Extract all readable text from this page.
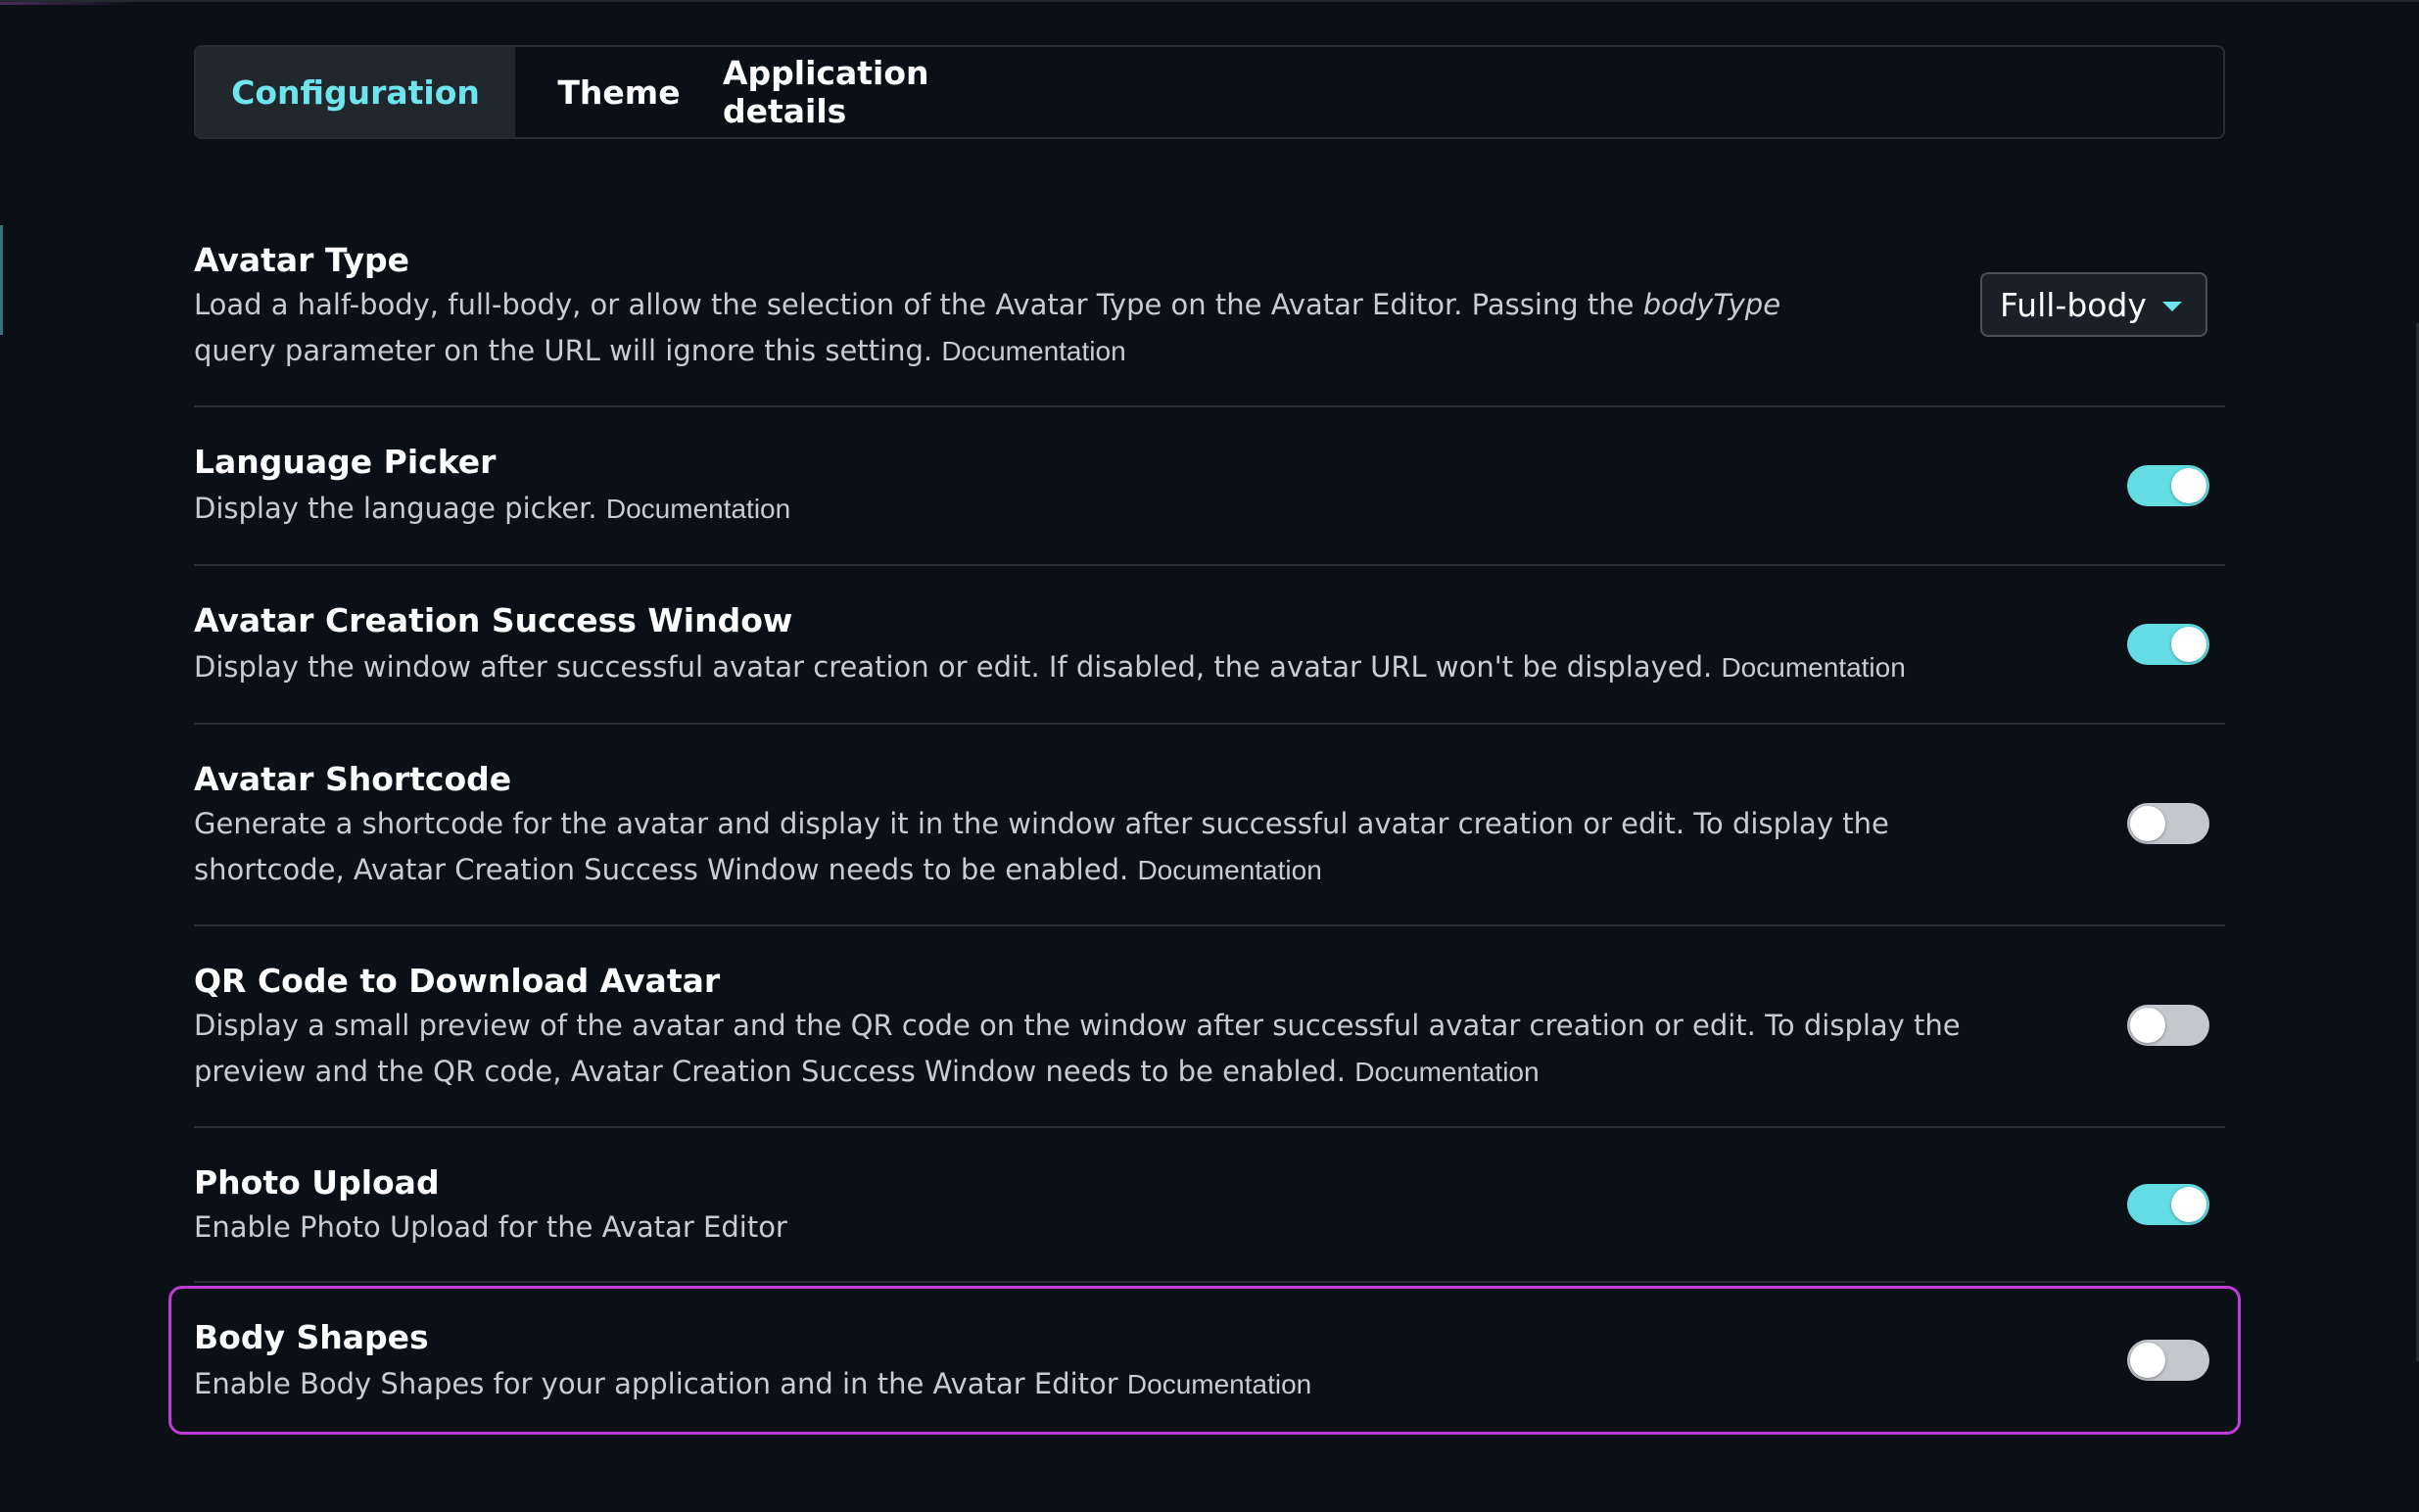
Configuration	Theme	Application details
Avatar Type
Load a half-body, full-body, or allow the selection of the Avatar Type on the Avatar Editor. Passing the bodyType query parameter on the URL will ignore this setting. Documentation
Full-body
Language Picker
Display the language picker. Documentation
Avatar Creation Success Window
Display the window after successful avatar creation or edit. If disabled, the avatar URL won't be displayed. Documentation
Avatar Shortcode
Generate a shortcode for the avatar and display it in the window after successful avatar creation or edit. To display the shortcode, Avatar Creation Success Window needs to be enabled. Documentation
QR Code to Download Avatar
Display a small preview of the avatar and the QR code on the window after successful avatar creation or edit. To display the preview and the QR code, Avatar Creation Success Window needs to be enabled. Documentation
Photo Upload
Enable Photo Upload for the Avatar Editor
Body Shapes
Enable Body Shapes for your application and in the Avatar Editor Documentation
